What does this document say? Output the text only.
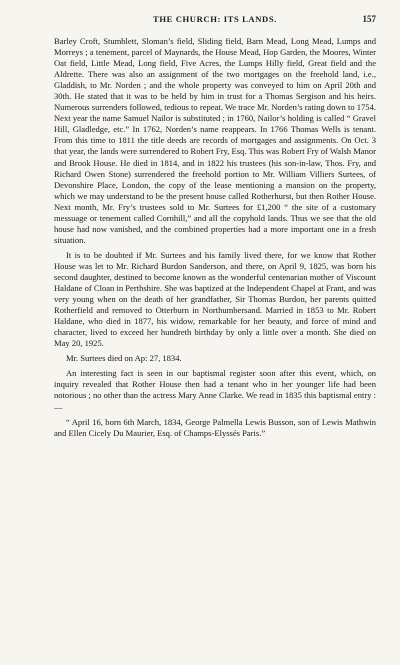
THE CHURCH: ITS LANDS.	157

Barley Croft, Stumblett, Sloman’s field, Sliding field, Barn Mead, Long Mead, Lumps and Morreys ; a tenement, parcel of Maynards, the House Mead, Hop Garden, the Moores, Winter Oat field, Little Mead, Long field, Five Acres, the Lumps Hilly field, Great field and the Aldrette. There was also an assignment of the two mortgages on the freehold land, i.e., Gladdish, to Mr. Norden ; and the whole property was conveyed to him on April 20th and 30th. He stated that it was to be held by him in trust for a Thomas Sergison and his heirs. Numerous surrenders followed, tedious to repeat. We trace Mr. Norden’s rating down to 1754. Next year the name Samuel Nailor is substituted ; in 1760, Nailor’s holding is called “ Gravel Hill, Gladledge, etc.” In 1762, Norden’s name reappears. In 1766 Thomas Wells is tenant. From this time to 1811 the title deeds are records of mortgages and assignments. On Oct. 3 that year, the lands were surrendered to Robert Fry, Esq. This was Robert Fry of Walsh Manor and Brook House. He died in 1814, and in 1822 his trustees (his son-in-law, Thos. Fry, and Richard Owen Stone) surrendered the freehold portion to Mr. William Villiers Surtees, of Devonshire Place, London, the copy of the lease mentioning a mansion on the property, which we may understand to be the present house called Rotherhurst, but then Rother House. Next month, Mr. Fry’s trustees sold to Mr. Surtees for £1,200 “ the site of a customary messuage or tenement called Cornhill,” and all the copyhold lands. Thus we see that the old house had now vanished, and the combined properties had a more important one in a fresh situation.

It is to be doubted if Mr. Surtees and his family lived there, for we know that Rother House was let to Mr. Richard Burdon Sanderson, and there, on April 9, 1825, was born his second daughter, destined to become known as the wonderful centenarian mother of Viscount Haldane of Cloan in Perthshire. She was baptized at the Independent Chapel at Frant, and was very young when on the death of her grandfather, Sir Thomas Burdon, her parents quitted Rotherfield and removed to Otterburn in Northumbersand. Married in 1853 to Mr. Robert Haldane, who died in 1877, his widow, remarkable for her beauty, and force of mind and character, lived to exceed her hundreth birthday by only a little over a month. She died on May 20, 1925.

Mr. Surtees died on Ap: 27, 1834.

An interesting fact is seen in our baptismal register soon after this event, which, on inquiry revealed that Rother House then had a tenant who in her younger life had been notorious ; no other than the actress Mary Anne Clarke. We read in 1835 this baptismal entry :—

“ April 16, born 6th March, 1834, George Palmella Lewis Busson, son of Lewis Mathwin and Ellen Cicely Du Maurier, Esq. of Champs-Elyssés Paris.”
